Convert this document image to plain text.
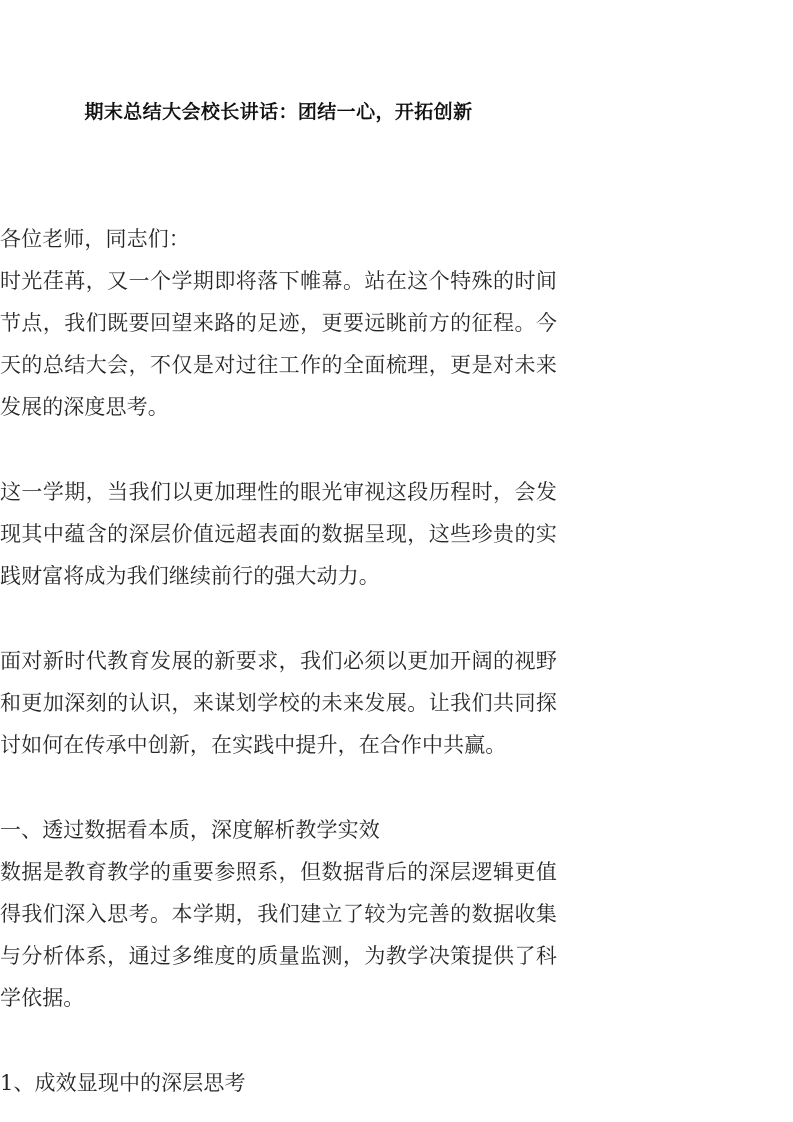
期末总结大会校长讲话：团结一心，开拓创新

各位老师，同志们：

时光荏苒，又一个学期即将落下帷幕。站在这个特殊的时间节点，我们既要回望来路的足迹，更要远眺前方的征程。今天的总结大会，不仅是对过往工作的全面梳理，更是对未来发展的深度思考。

这一学期，当我们以更加理性的眼光审视这段历程时，会发现其中蕴含的深层价值远超表面的数据呈现，这些珍贵的实践财富将成为我们继续前行的强大动力。

面对新时代教育发展的新要求，我们必须以更加开阔的视野和更加深刻的认识，来谋划学校的未来发展。让我们共同探讨如何在传承中创新，在实践中提升，在合作中共赢。

一、透过数据看本质，深度解析教学实效

数据是教育教学的重要参照系，但数据背后的深层逻辑更值得我们深入思考。本学期，我们建立了较为完善的数据收集与分析体系，通过多维度的质量监测，为教学决策提供了科学依据。

1、成效显现中的深层思考
